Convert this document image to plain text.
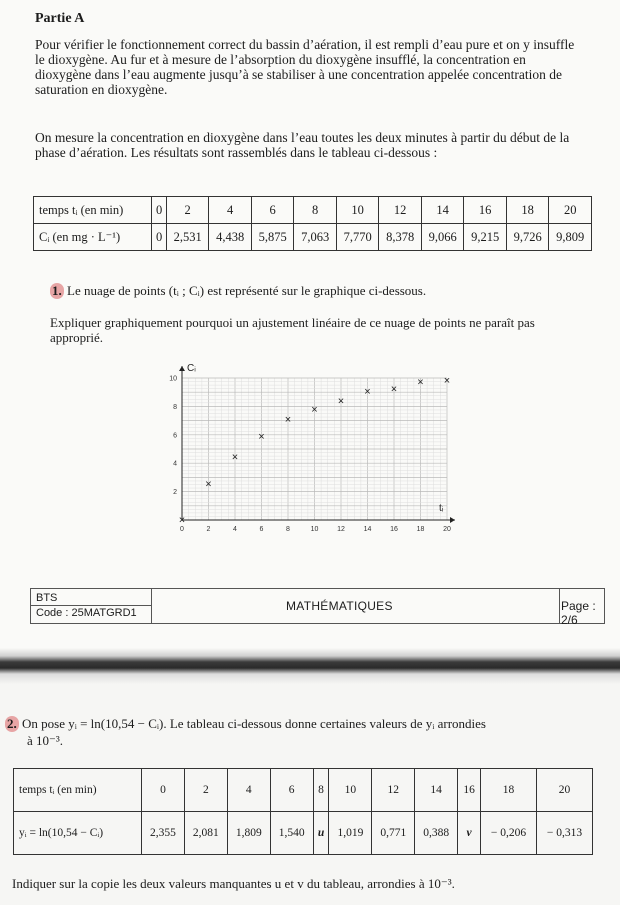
Partie A
Pour vérifier le fonctionnement correct du bassin d’aération, il est rempli d’eau pure et on y insuffle
le dioxygène. Au fur et à mesure de l’absorption du dioxygène insufflé, la concentration en
dioxygène dans l’eau augmente jusqu’à se stabiliser à une concentration appelée concentration de
saturation en dioxygène.
On mesure la concentration en dioxygène dans l’eau toutes les deux minutes à partir du début de la
phase d’aération. Les résultats sont rassemblés dans le tableau ci-dessous :
temps tᵢ (en min)	0	2	4	6	8	10	12	14	16	18	20
Cᵢ (en mg · L⁻¹)	0	2,531	4,438	5,875	7,063	7,770	8,378	9,066	9,215	9,726	9,809
1. Le nuage de points (tᵢ ; Cᵢ) est représenté sur le graphique ci-dessous.
Expliquer graphiquement pourquoi un ajustement linéaire de ce nuage de points ne paraît pas
approprié.
0	2	4	6	8	10	12	14	16	18	20
2
4
6
8
10
×
×
×
×
×
×
×
× ×
× ×
Cᵢ
tᵢ
BTS
Code : 25MATGRD1	MATHÉMATIQUES	Page : 2/6
2. On pose yᵢ = ln(10,54 − Cᵢ). Le tableau ci-dessous donne certaines valeurs de yᵢ arrondies
à 10⁻³.
temps tᵢ (en min)	0	2	4	6	8	10	12	14	16	18	20
yᵢ = ln(10,54 − Cᵢ)	2,355	2,081	1,809	1,540	u	1,019	0,771	0,388	v	− 0,206	− 0,313
Indiquer sur la copie les deux valeurs manquantes u et v du tableau, arrondies à 10⁻³.
